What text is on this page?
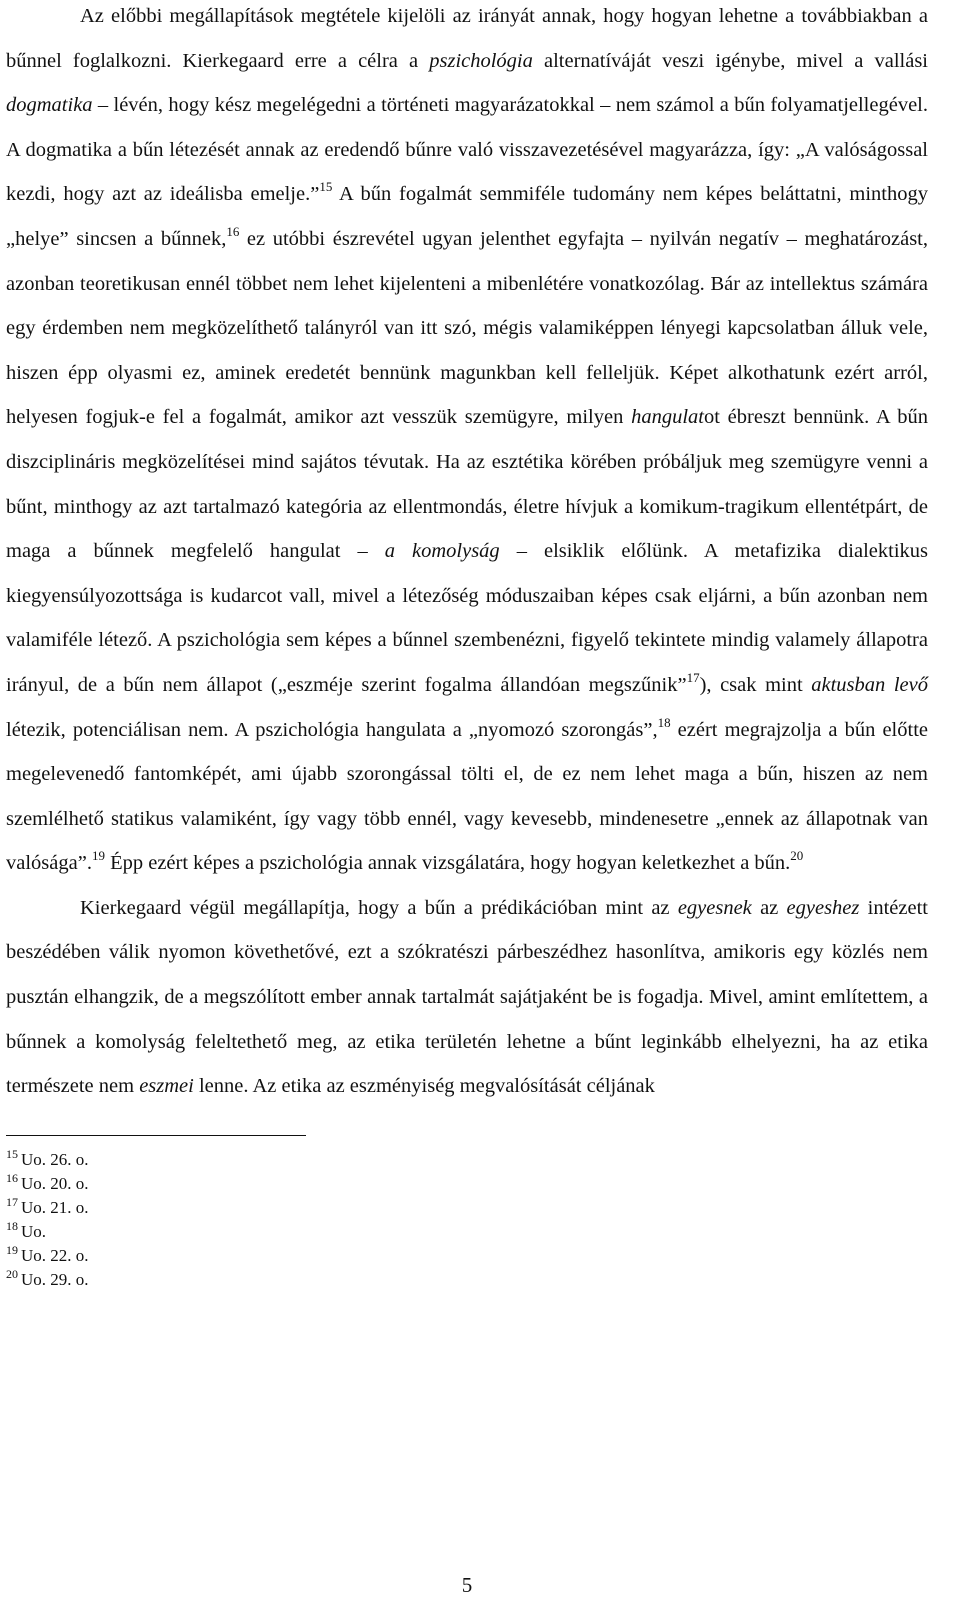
Az előbbi megállapítások megtétele kijelöli az irányát annak, hogy hogyan lehetne a továbbiakban a bűnnel foglalkozni. Kierkegaard erre a célra a pszichológia alternatíváját veszi igénybe, mivel a vallási dogmatika – lévén, hogy kész megelégedni a történeti magyarázatokkal – nem számol a bűn folyamatjellegével. A dogmatika a bűn létezését annak az eredendő bűnre való visszavezetésével magyarázza, így: „A valóságossal kezdi, hogy azt az ideálisba emelje.”$^{15}$ A bűn fogalmát semmiféle tudomány nem képes beláttatni, minthogy „helye” sincsen a bűnnek,$^{16}$ ez utóbbi észrevétel ugyan jelenthet egyfajta – nyilván negatív – meghatározást, azonban teoretikusan ennél többet nem lehet kijelenteni a mibenlétére vonatkozólag. Bár az intellektus számára egy érdemben nem megközelíthető talányról van itt szó, mégis valamiképpen lényegi kapcsolatban álluk vele, hiszen épp olyasmi ez, aminek eredetét bennünk magunkban kell felleljük. Képet alkothatunk ezért arról, helyesen fogjuk-e fel a fogalmát, amikor azt vesszük szemügyre, milyen hangulatot ébreszt bennünk. A bűn diszciplináris megközelítései mind sajátos tévutak. Ha az esztétika körében próbáljuk meg szemügyre venni a bűnt, minthogy az azt tartalmazó kategória az ellentmondás, életre hívjuk a komikum-tragikum ellentétpárt, de maga a bűnnek megfelelő hangulat – a komolyság – elsiklik előlünk. A metafizika dialektikus kiegyensúlyozottsága is kudarcot vall, mivel a létezőség móduszaiban képes csak eljárni, a bűn azonban nem valamiféle létező. A pszichológia sem képes a bűnnel szembenézni, figyelő tekintete mindig valamely állapotra irányul, de a bűn nem állapot („eszméje szerint fogalma állandóan megszűnik”$^{17}$), csak mint aktusban levő létezik, potenciálisan nem. A pszichológia hangulata a „nyomozó szorongás”,$^{18}$ ezért megrajzolja a bűn előtte megelevenedő fantomképét, ami újabb szorongással tölti el, de ez nem lehet maga a bűn, hiszen az nem szemlélhető statikus valamiként, így vagy több ennél, vagy kevesebb, mindenesetre „ennek az állapotnak van valósága”.$^{19}$ Épp ezért képes a pszichológia annak vizsgálatára, hogy hogyan keletkezhet a bűn.$^{20}$

Kierkegaard végül megállapítja, hogy a bűn a prédikációban mint az egyesnek az egyeshez intézett beszédében válik nyomon követhetővé, ezt a szókratészi párbeszédhez hasonlítva, amikoris egy közlés nem pusztán elhangzik, de a megszólított ember annak tartalmát sajátjaként be is fogadja. Mivel, amint említettem, a bűnnek a komolyság feleltethető meg, az etika területén lehetne a bűnt leginkább elhelyezni, ha az etika természete nem eszmei lenne. Az etika az eszményiség megvalósítását céljának

$^{15}$ Uo. 26. o.
$^{16}$ Uo. 20. o.
$^{17}$ Uo. 21. o.
$^{18}$ Uo.
$^{19}$ Uo. 22. o.
$^{20}$ Uo. 29. o.
5
